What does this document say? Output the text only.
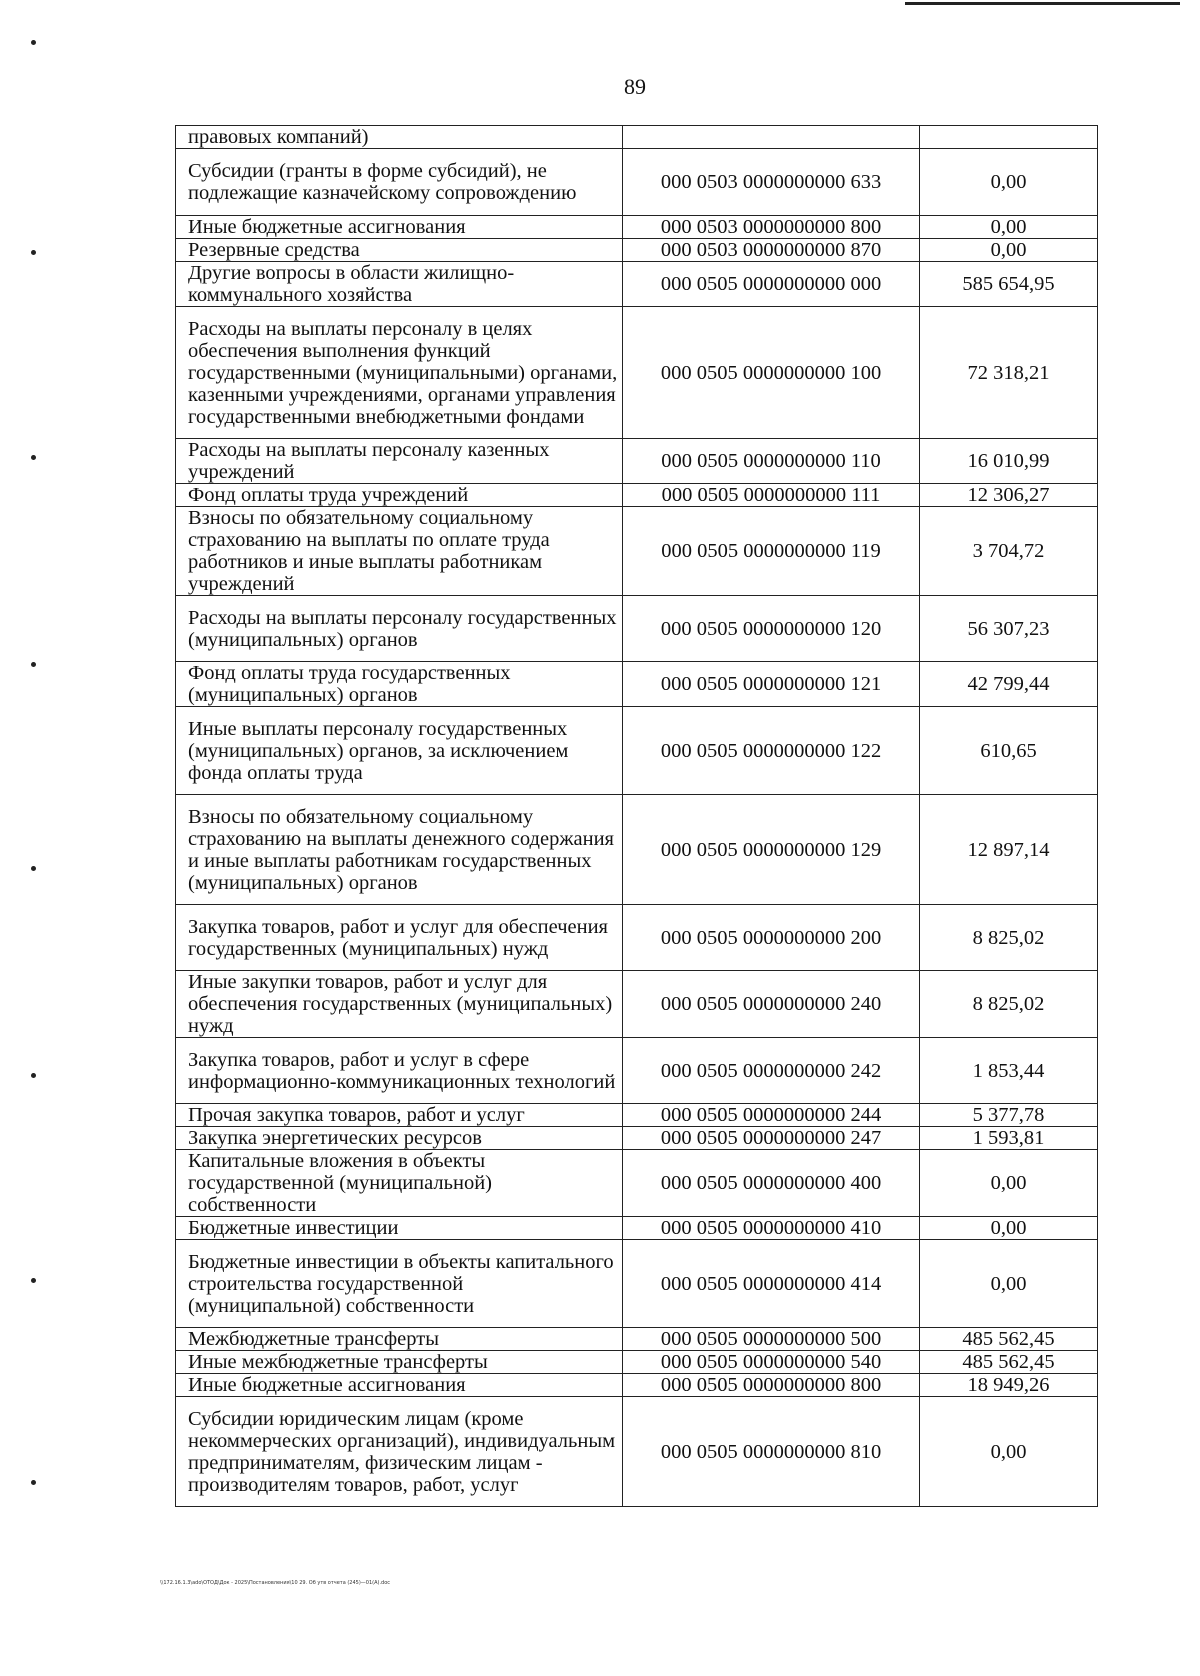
89
правовых компаний)		
Субсидии (гранты в форме субсидий), не подлежащие казначейскому сопровождению	000 0503 0000000000 633	0,00
Иные бюджетные ассигнования	000 0503 0000000000 800	0,00
Резервные средства	000 0503 0000000000 870	0,00
Другие вопросы в области жилищно-коммунального хозяйства	000 0505 0000000000 000	585 654,95
Расходы на выплаты персоналу в целях обеспечения выполнения функций государственными (муниципальными) органами, казенными учреждениями, органами управления государственными внебюджетными фондами	000 0505 0000000000 100	72 318,21
Расходы на выплаты персоналу казенных учреждений	000 0505 0000000000 110	16 010,99
Фонд оплаты труда учреждений	000 0505 0000000000 111	12 306,27
Взносы по обязательному социальному страхованию на выплаты по оплате труда работников и иные выплаты работникам учреждений	000 0505 0000000000 119	3 704,72
Расходы на выплаты персоналу государственных (муниципальных) органов	000 0505 0000000000 120	56 307,23
Фонд оплаты труда государственных (муниципальных) органов	000 0505 0000000000 121	42 799,44
Иные выплаты персоналу государственных (муниципальных) органов, за исключением фонда оплаты труда	000 0505 0000000000 122	610,65
Взносы по обязательному социальному страхованию на выплаты денежного содержания и иные выплаты работникам государственных (муниципальных) органов	000 0505 0000000000 129	12 897,14
Закупка товаров, работ и услуг для обеспечения государственных (муниципальных) нужд	000 0505 0000000000 200	8 825,02
Иные закупки товаров, работ и услуг для обеспечения государственных (муниципальных) нужд	000 0505 0000000000 240	8 825,02
Закупка товаров, работ и услуг в сфере информационно-коммуникационных технологий	000 0505 0000000000 242	1 853,44
Прочая закупка товаров, работ и услуг	000 0505 0000000000 244	5 377,78
Закупка энергетических ресурсов	000 0505 0000000000 247	1 593,81
Капитальные вложения в объекты государственной (муниципальной) собственности	000 0505 0000000000 400	0,00
Бюджетные инвестиции	000 0505 0000000000 410	0,00
Бюджетные инвестиции в объекты капитального строительства государственной (муниципальной) собственности	000 0505 0000000000 414	0,00
Межбюджетные трансферты	000 0505 0000000000 500	485 562,45
Иные межбюджетные трансферты	000 0505 0000000000 540	485 562,45
Иные бюджетные ассигнования	000 0505 0000000000 800	18 949,26
Субсидии юридическим лицам (кроме некоммерческих организаций), индивидуальным предпринимателям, физическим лицам - производителям товаров, работ, услуг	000 0505 0000000000 810	0,00
\\172.16.1.3\ado\ОТОД\Док - 2025\Постановления\10 29. Об утв отчета (245)—01(А).doc
